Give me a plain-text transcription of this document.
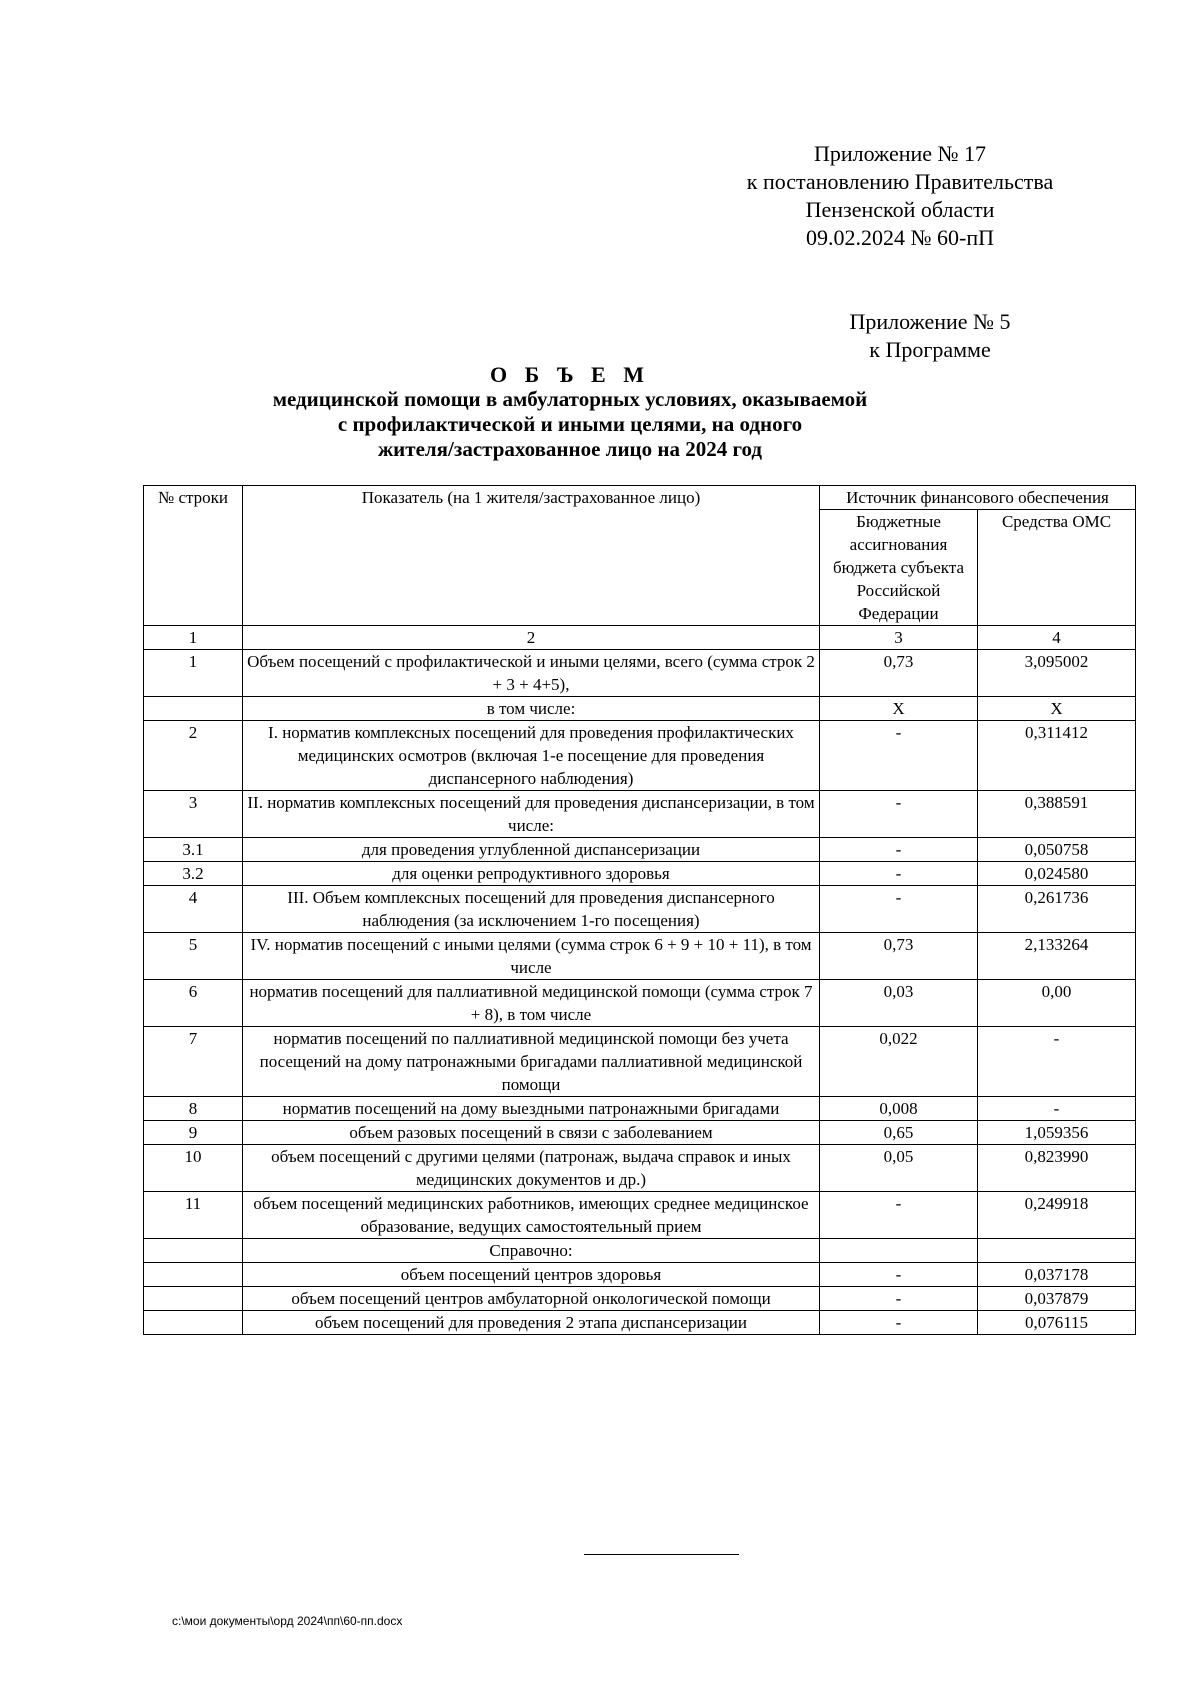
Приложение № 17
к постановлению Правительства
Пензенской области
09.02.2024 № 60-пП
Приложение № 5
к Программе
О Б Ъ Е М
медицинской помощи в амбулаторных условиях, оказываемой
с профилактической и иными целями, на одного
жителя/застрахованное лицо на 2024 год
№ строки	Показатель (на 1 жителя/застрахованное лицо)	Источник финансового обеспечения	
		Бюджетные ассигнования бюджета субъекта Российской Федерации	Средства ОМС
1	2	3	4
1	Объем посещений с профилактической и иными целями, всего (сумма строк 2 + 3 + 4+5),	0,73	3,095002
	в том числе:	X	X
2	I. норматив комплексных посещений для проведения профилактических медицинских осмотров (включая 1-е посещение для проведения диспансерного наблюдения)	-	0,311412
3	II. норматив комплексных посещений для проведения диспансеризации, в том числе:	-	0,388591
3.1	для проведения углубленной диспансеризации	-	0,050758
3.2	для оценки репродуктивного здоровья	-	0,024580
4	III. Объем комплексных посещений для проведения диспансерного наблюдения (за исключением 1-го посещения)	-	0,261736
5	IV. норматив посещений с иными целями (сумма строк 6 + 9 + 10 + 11), в том числе	0,73	2,133264
6	норматив посещений для паллиативной медицинской помощи (сумма строк 7 + 8), в том числе	0,03	0,00
7	норматив посещений по паллиативной медицинской помощи без учета посещений на дому патронажными бригадами паллиативной медицинской помощи	0,022	-
8	норматив посещений на дому выездными патронажными бригадами	0,008	-
9	объем разовых посещений в связи с заболеванием	0,65	1,059356
10	объем посещений с другими целями (патронаж, выдача справок и иных медицинских документов и др.)	0,05	0,823990
11	объем посещений медицинских работников, имеющих среднее медицинское образование, ведущих самостоятельный прием	-	0,249918
	Справочно:		
	объем посещений центров здоровья	-	0,037178
	объем посещений центров амбулаторной онкологической помощи	-	0,037879
	объем посещений для проведения 2 этапа диспансеризации	-	0,076115
c:\мои документы\орд 2024\пп\60-пп.docx
